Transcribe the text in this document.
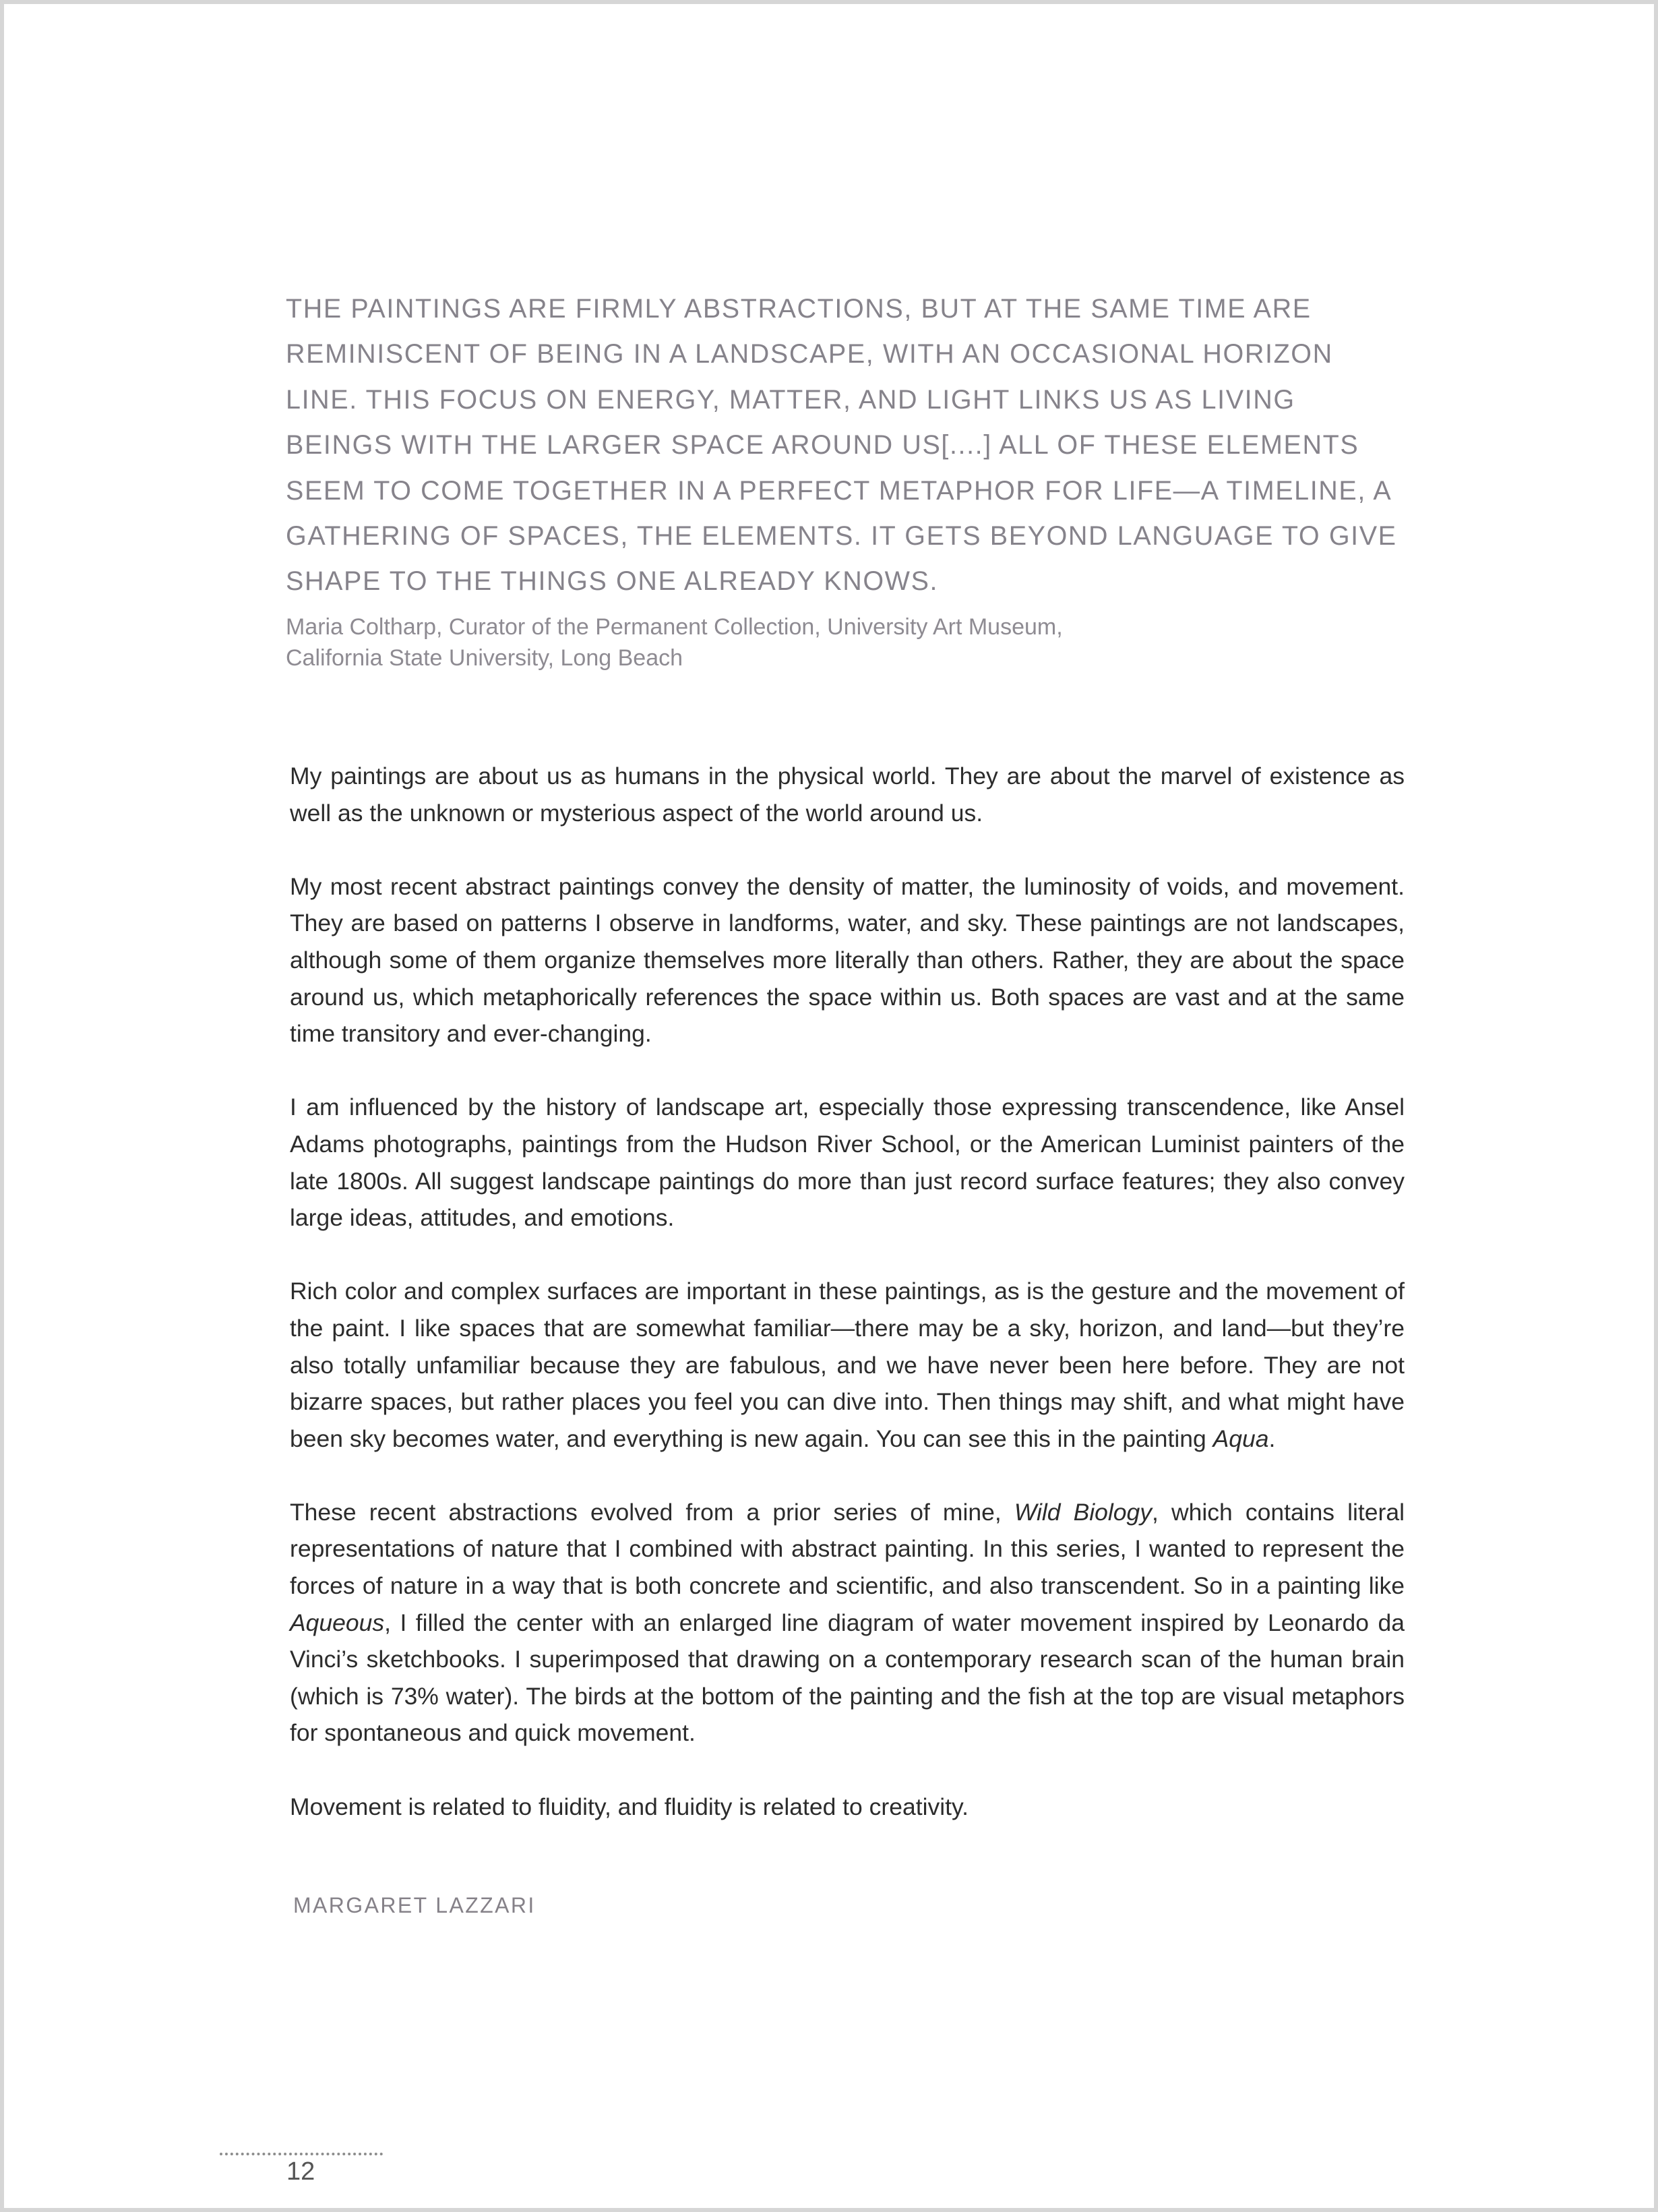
THE PAINTINGS ARE FIRMLY ABSTRACTIONS, BUT AT THE SAME TIME ARE REMINISCENT OF BEING IN A LANDSCAPE, WITH AN OCCASIONAL HORIZON LINE. THIS FOCUS ON ENERGY, MATTER, AND LIGHT LINKS US AS LIVING BEINGS WITH THE LARGER SPACE AROUND US[....] ALL OF THESE ELEMENTS SEEM TO COME TOGETHER IN A PERFECT METAPHOR FOR LIFE—A TIMELINE, A GATHERING OF SPACES, THE ELEMENTS. IT GETS BEYOND LANGUAGE TO GIVE SHAPE TO THE THINGS ONE ALREADY KNOWS.

Maria Coltharp, Curator of the Permanent Collection, University Art Museum,
California State University, Long Beach

My paintings are about us as humans in the physical world. They are about the marvel of existence as well as the unknown or mysterious aspect of the world around us.

My most recent abstract paintings convey the density of matter, the luminosity of voids, and movement. They are based on patterns I observe in landforms, water, and sky. These paintings are not landscapes, although some of them organize themselves more literally than others. Rather, they are about the space around us, which metaphorically references the space within us. Both spaces are vast and at the same time transitory and ever-changing.

I am influenced by the history of landscape art, especially those expressing transcendence, like Ansel Adams photographs, paintings from the Hudson River School, or the American Luminist painters of the late 1800s. All suggest landscape paintings do more than just record surface features; they also convey large ideas, attitudes, and emotions.

Rich color and complex surfaces are important in these paintings, as is the gesture and the movement of the paint. I like spaces that are somewhat familiar—there may be a sky, horizon, and land—but they’re also totally unfamiliar because they are fabulous, and we have never been here before. They are not bizarre spaces, but rather places you feel you can dive into. Then things may shift, and what might have been sky becomes water, and everything is new again. You can see this in the painting Aqua.

These recent abstractions evolved from a prior series of mine, Wild Biology, which contains literal representations of nature that I combined with abstract painting. In this series, I wanted to represent the forces of nature in a way that is both concrete and scientific, and also transcendent. So in a painting like Aqueous, I filled the center with an enlarged line diagram of water movement inspired by Leonardo da Vinci’s sketchbooks. I superimposed that drawing on a contemporary research scan of the human brain (which is 73% water). The birds at the bottom of the painting and the fish at the top are visual metaphors for spontaneous and quick movement.

Movement is related to fluidity, and fluidity is related to creativity.

MARGARET LAZZARI
12
